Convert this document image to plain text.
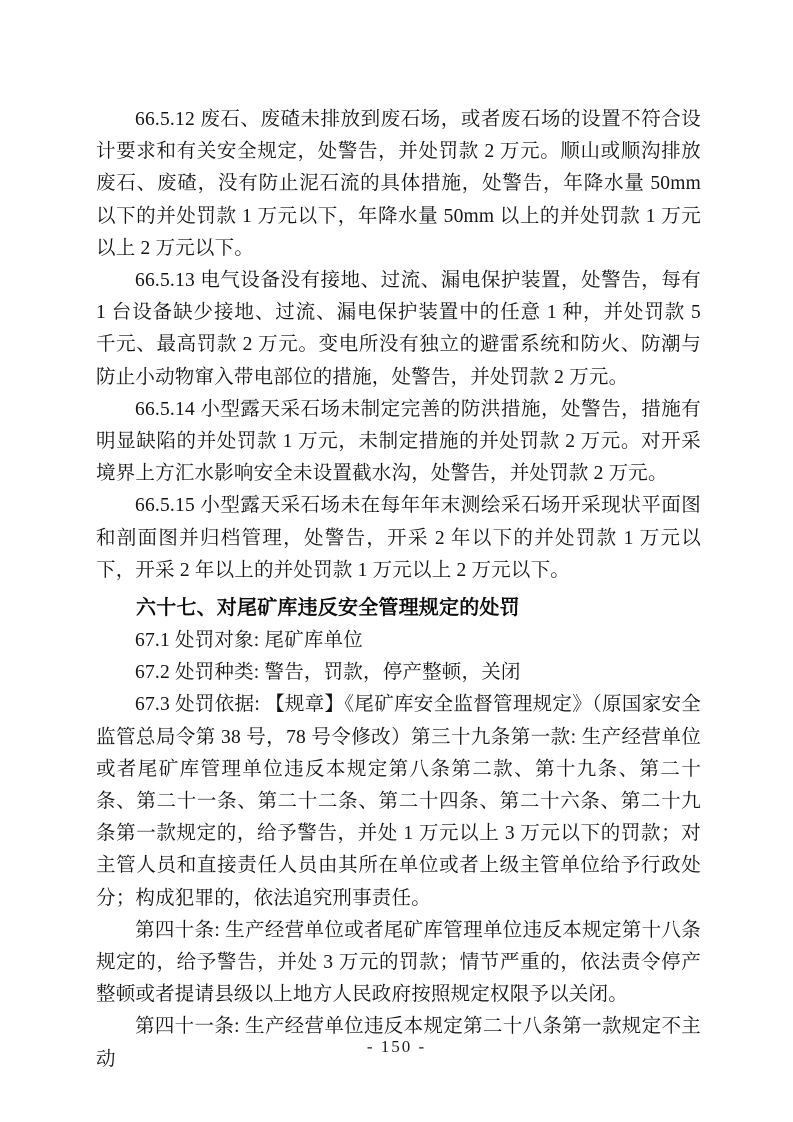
66.5.12 废石、废碴未排放到废石场，或者废石场的设置不符合设计要求和有关安全规定，处警告，并处罚款 2 万元。顺山或顺沟排放废石、废碴，没有防止泥石流的具体措施，处警告，年降水量 50mm 以下的并处罚款 1 万元以下，年降水量 50mm 以上的并处罚款 1 万元以上 2 万元以下。

66.5.13 电气设备没有接地、过流、漏电保护装置，处警告，每有 1 台设备缺少接地、过流、漏电保护装置中的任意 1 种，并处罚款 5 千元、最高罚款 2 万元。变电所没有独立的避雷系统和防火、防潮与防止小动物窜入带电部位的措施，处警告，并处罚款 2 万元。

66.5.14 小型露天采石场未制定完善的防洪措施，处警告，措施有明显缺陷的并处罚款 1 万元，未制定措施的并处罚款 2 万元。对开采境界上方汇水影响安全未设置截水沟，处警告，并处罚款 2 万元。

66.5.15 小型露天采石场未在每年年末测绘采石场开采现状平面图和剖面图并归档管理，处警告，开采 2 年以下的并处罚款 1 万元以下，开采 2 年以上的并处罚款 1 万元以上 2 万元以下。

六十七、对尾矿库违反安全管理规定的处罚

67.1 处罚对象: 尾矿库单位

67.2 处罚种类: 警告，罚款，停产整顿，关闭

67.3 处罚依据: 【规章】《尾矿库安全监督管理规定》（原国家安全监管总局令第 38 号，78 号令修改）第三十九条第一款: 生产经营单位或者尾矿库管理单位违反本规定第八条第二款、第十九条、第二十条、第二十一条、第二十二条、第二十四条、第二十六条、第二十九条第一款规定的，给予警告，并处 1 万元以上 3 万元以下的罚款；对主管人员和直接责任人员由其所在单位或者上级主管单位给予行政处分；构成犯罪的，依法追究刑事责任。

第四十条: 生产经营单位或者尾矿库管理单位违反本规定第十八条规定的，给予警告，并处 3 万元的罚款；情节严重的，依法责令停产整顿或者提请县级以上地方人民政府按照规定权限予以关闭。

第四十一条: 生产经营单位违反本规定第二十八条第一款规定不主动

- 150 -
